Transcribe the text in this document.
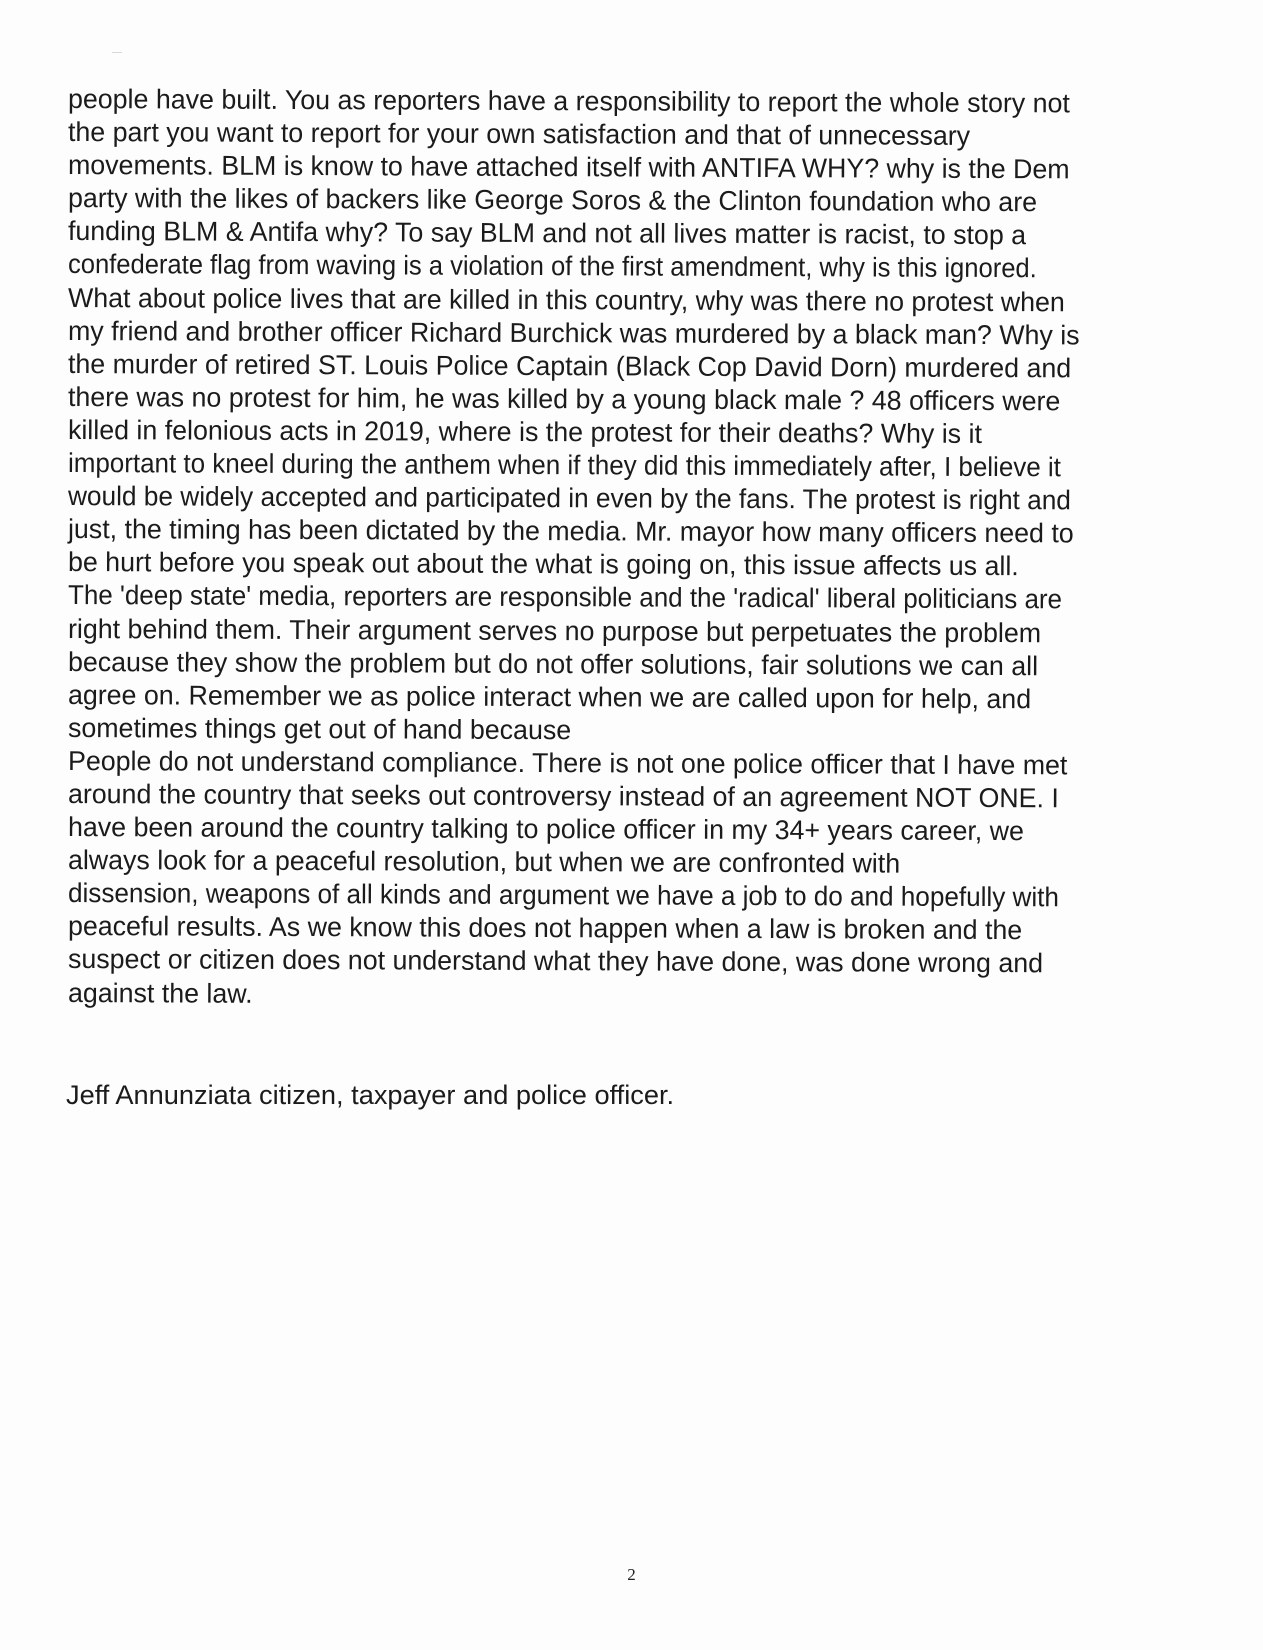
people have built. You as reporters have a responsibility to report the whole story not
the part you want to report for your own satisfaction and that of unnecessary
movements. BLM is know to have attached itself with ANTIFA WHY? why is the Dem
party with the likes of backers like George Soros & the Clinton foundation who are
funding BLM & Antifa why? To say BLM and not all lives matter is racist, to stop a
confederate flag from waving is a violation of the first amendment, why is this ignored.
What about police lives that are killed in this country, why was there no protest when
my friend and brother officer Richard Burchick was murdered by a black man? Why is
the murder of retired ST. Louis Police Captain (Black Cop David Dorn) murdered and
there was no protest for him, he was killed by a young black male ? 48 officers were
killed in felonious acts in 2019, where is the protest for their deaths? Why is it
important to kneel during the anthem when if they did this immediately after, I believe it
would be widely accepted and participated in even by the fans. The protest is right and
just, the timing has been dictated by the media. Mr. mayor how many officers need to
be hurt before you speak out about the what is going on, this issue affects us all.
The 'deep state' media, reporters are responsible and the 'radical' liberal politicians are
right behind them. Their argument serves no purpose but perpetuates the problem
because they show the problem but do not offer solutions, fair solutions we can all
agree on. Remember we as police interact when we are called upon for help, and
sometimes things get out of hand because
People do not understand compliance. There is not one police officer that I have met
around the country that seeks out controversy instead of an agreement NOT ONE. I
have been around the country talking to police officer in my 34+ years career, we
always look for a peaceful resolution, but when we are confronted with
dissension, weapons of all kinds and argument we have a job to do and hopefully with
peaceful results. As we know this does not happen when a law is broken and the
suspect or citizen does not understand what they have done, was done wrong and
against the law.
Jeff Annunziata citizen, taxpayer and police officer.
2
